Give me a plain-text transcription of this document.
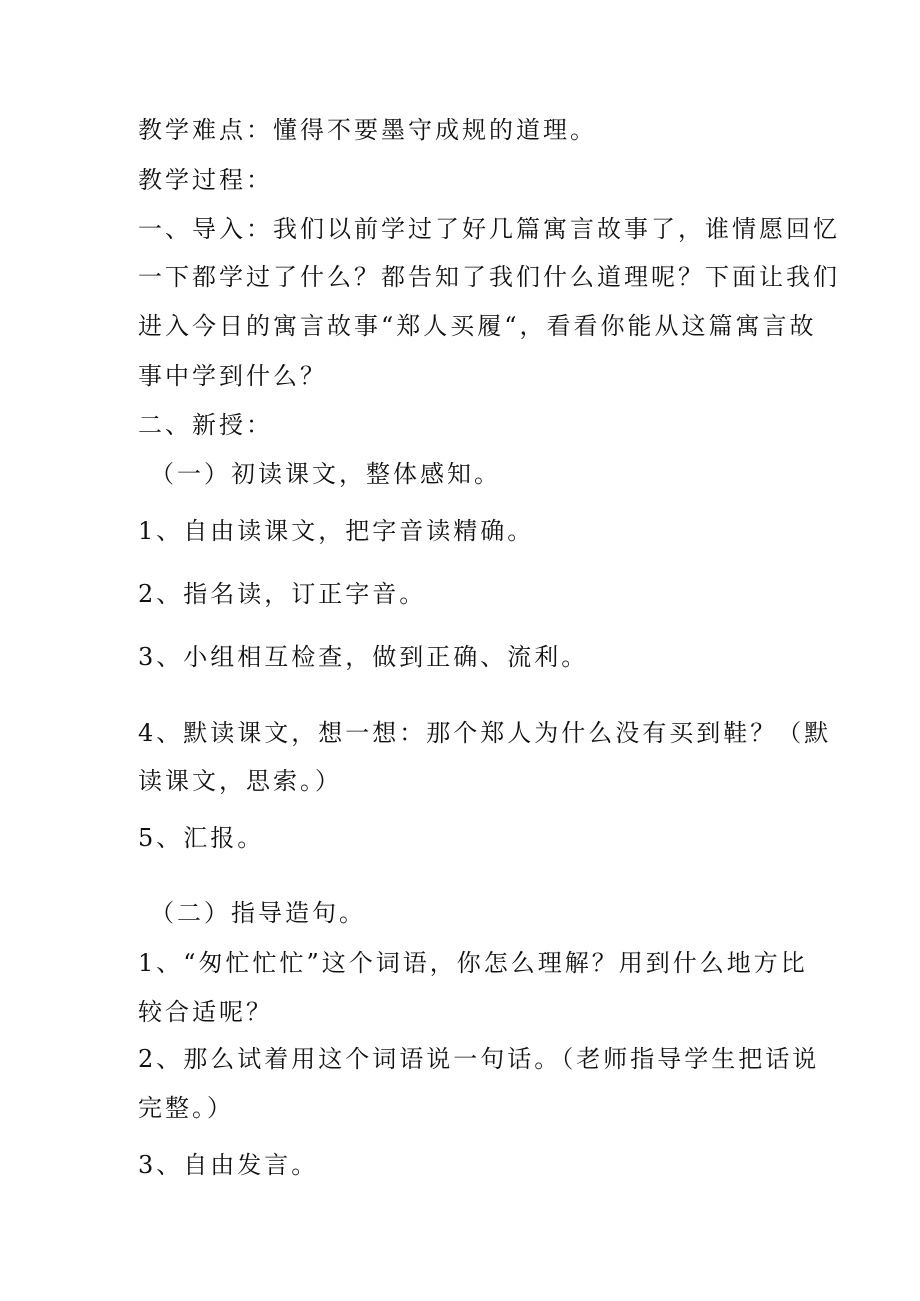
教学难点：懂得不要墨守成规的道理。
教学过程：
一、导入：我们以前学过了好几篇寓言故事了，谁情愿回忆
一下都学过了什么？都告知了我们什么道理呢？下面让我们
进入今日的寓言故事“郑人买履“，看看你能从这篇寓言故
事中学到什么？
二、新授：
（一）初读课文，整体感知。
1、自由读课文，把字音读精确。
2、指名读，订正字音。
3、小组相互检查，做到正确、流利。
4、默读课文，想一想：那个郑人为什么没有买到鞋？（默
读课文，思索。）
5、汇报。
（二）指导造句。
1、“匆忙忙忙”这个词语，你怎么理解？用到什么地方比
较合适呢？
2、那么试着用这个词语说一句话。（老师指导学生把话说
完整。）
3、自由发言。
